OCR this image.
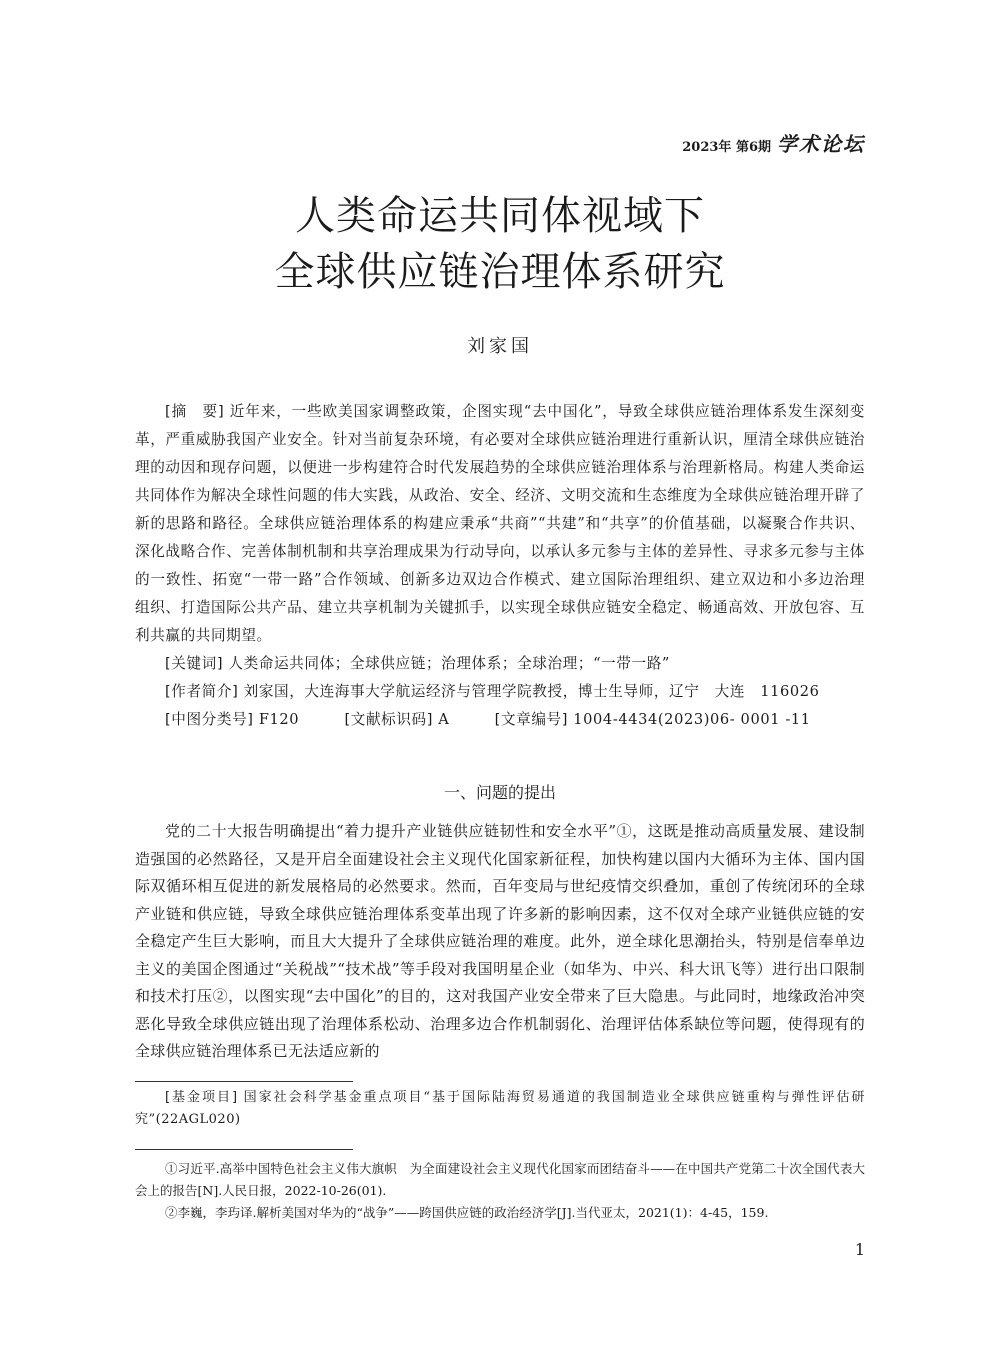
2023年 第6期 学术论坛
人类命运共同体视域下
全球供应链治理体系研究
刘家国
[摘　要] 近年来，一些欧美国家调整政策，企图实现“去中国化”，导致全球供应链治理体系发生深刻变革，严重威胁我国产业安全。针对当前复杂环境，有必要对全球供应链治理进行重新认识，厘清全球供应链治理的动因和现存问题，以便进一步构建符合时代发展趋势的全球供应链治理体系与治理新格局。构建人类命运共同体作为解决全球性问题的伟大实践，从政治、安全、经济、文明交流和生态维度为全球供应链治理开辟了新的思路和路径。全球供应链治理体系的构建应秉承“共商”“共建”和“共享”的价值基础，以凝聚合作共识、深化战略合作、完善体制机制和共享治理成果为行动导向，以承认多元参与主体的差异性、寻求多元参与主体的一致性、拓宽“一带一路”合作领域、创新多边双边合作模式、建立国际治理组织、建立双边和小多边治理组织、打造国际公共产品、建立共享机制为关键抓手，以实现全球供应链安全稳定、畅通高效、开放包容、互利共赢的共同期望。
[关键词] 人类命运共同体；全球供应链；治理体系；全球治理；“一带一路”
[作者简介] 刘家国，大连海事大学航运经济与管理学院教授，博士生导师，辽宁　大连　116026
[中图分类号] F120	[文献标识码] A	[文章编号] 1004-4434(2023)06- 0001 -11
一、问题的提出
党的二十大报告明确提出“着力提升产业链供应链韧性和安全水平”①，这既是推动高质量发展、建设制造强国的必然路径，又是开启全面建设社会主义现代化国家新征程，加快构建以国内大循环为主体、国内国际双循环相互促进的新发展格局的必然要求。然而，百年变局与世纪疫情交织叠加，重创了传统闭环的全球产业链和供应链，导致全球供应链治理体系变革出现了许多新的影响因素，这不仅对全球产业链供应链的安全稳定产生巨大影响，而且大大提升了全球供应链治理的难度。此外，逆全球化思潮抬头，特别是信奉单边主义的美国企图通过“关税战”“技术战”等手段对我国明星企业（如华为、中兴、科大讯飞等）进行出口限制和技术打压②，以图实现“去中国化”的目的，这对我国产业安全带来了巨大隐患。与此同时，地缘政治冲突恶化导致全球供应链出现了治理体系松动、治理多边合作机制弱化、治理评估体系缺位等问题，使得现有的全球供应链治理体系已无法适应新的
[基金项目] 国家社会科学基金重点项目“基于国际陆海贸易通道的我国制造业全球供应链重构与弹性评估研究”(22AGL020)
①习近平.高举中国特色社会主义伟大旗帜　为全面建设社会主义现代化国家而团结奋斗——在中国共产党第二十次全国代表大会上的报告[N].人民日报，2022-10-26(01).
②李巍，李玙译.解析美国对华为的“战争”——跨国供应链的政治经济学[J].当代亚太，2021(1)：4-45，159.
1
